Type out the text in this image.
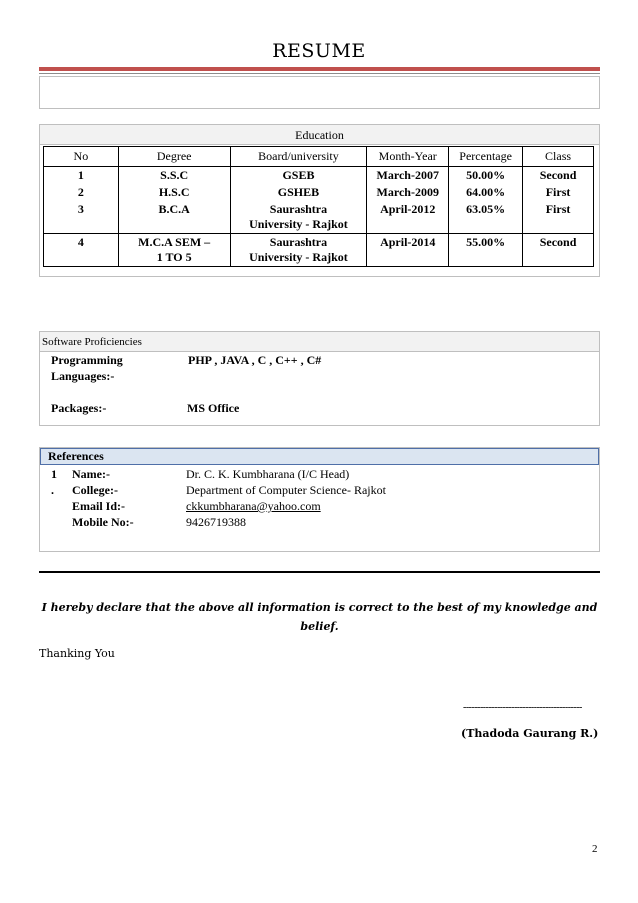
RESUME
Education
No	Degree	Board/university	Month-Year	Percentage	Class
1	S.S.C	GSEB	March-2007	50.00%	Second
2	H.S.C	GSHEB	March-2009	64.00%	First
3	B.C.A	Saurashtra University - Rajkot	April-2012	63.05%	First
4	M.C.A SEM –1 TO 5	Saurashtra University - Rajkot	April-2014	55.00%	Second
Software Proficiencies
Programming Languages:-
PHP , JAVA , C , C++ , C#
Packages:-	MS Office
References
1 .
Name:-	Dr. C. K. Kumbharana (I/C Head)
College:-	Department of Computer Science- Rajkot
Email Id:-	ckkumbharana@yahoo.com
Mobile No:-	9426719388
I hereby declare that the above all information is correct to the best of my knowledge and belief.
Thanking You
------------------------------------------
(Thadoda Gaurang R.)
2
